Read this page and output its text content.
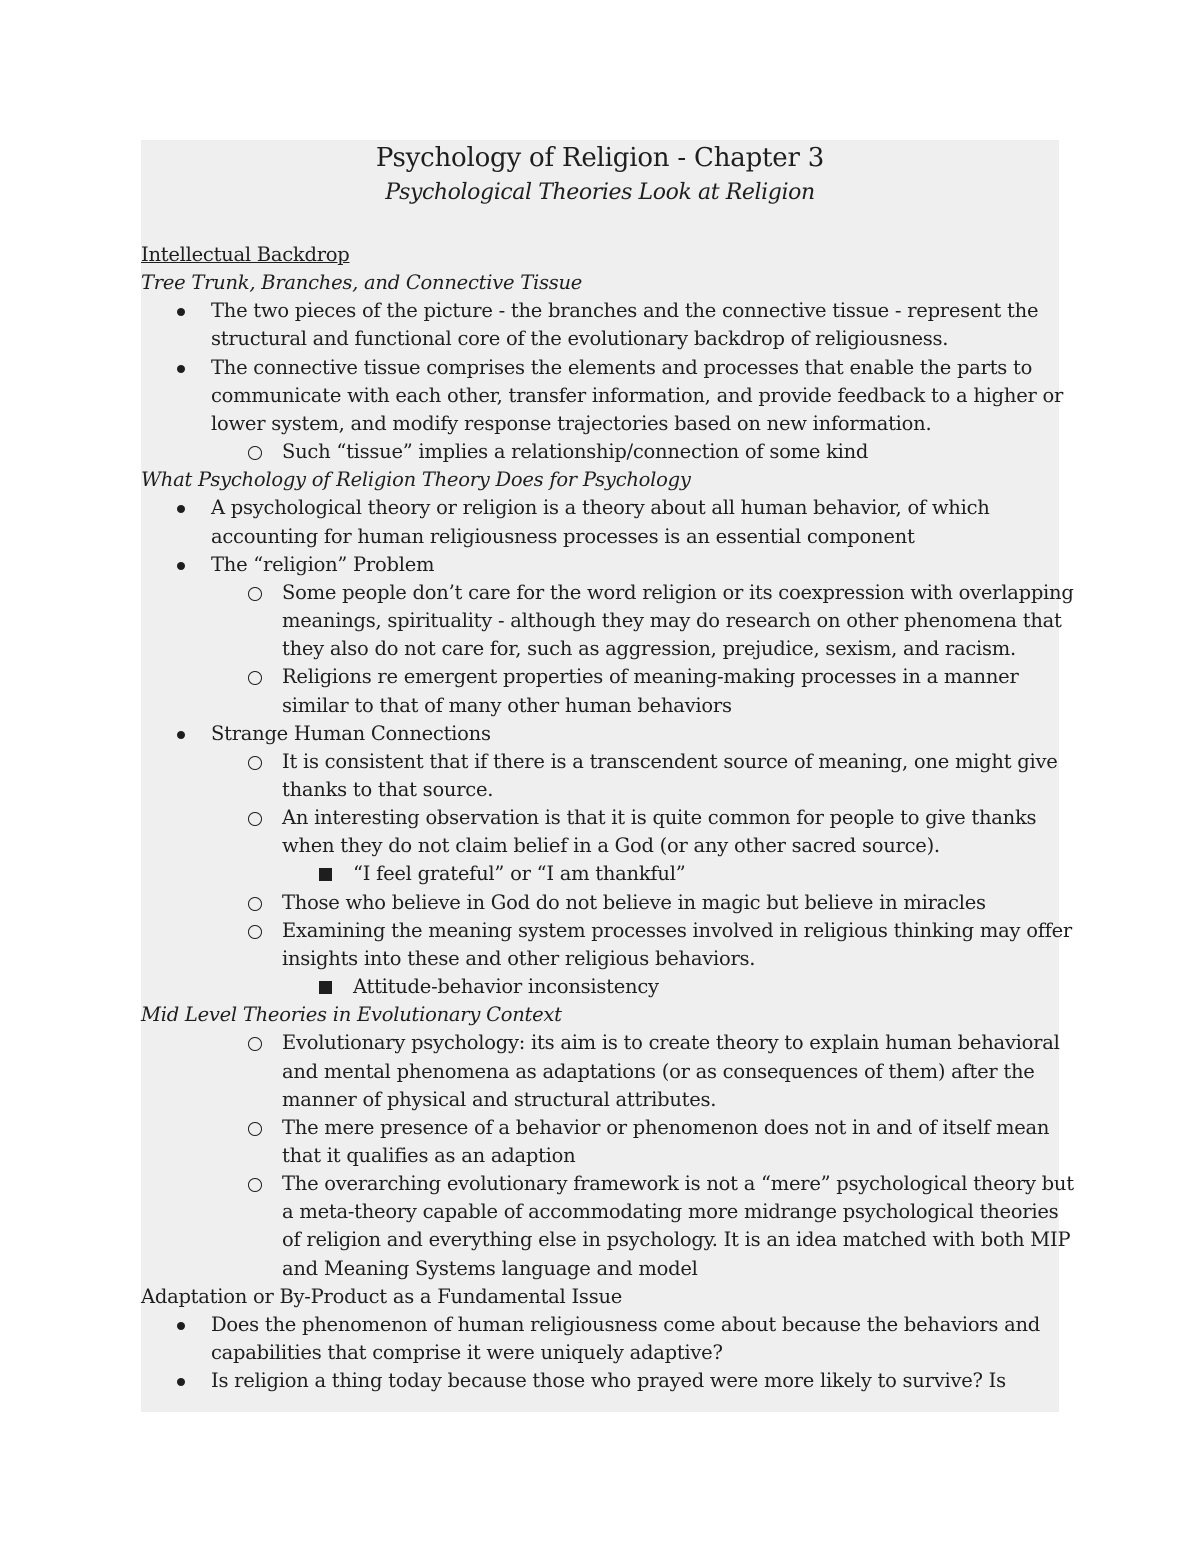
Psychology of Religion - Chapter 3
Psychological Theories Look at Religion
Intellectual Backdrop
Tree Trunk, Branches, and Connective Tissue
The two pieces of the picture - the branches and the connective tissue - represent the
structural and functional core of the evolutionary backdrop of religiousness.
The connective tissue comprises the elements and processes that enable the parts to
communicate with each other, transfer information, and provide feedback to a higher or
lower system, and modify response trajectories based on new information.
Such “tissue” implies a relationship/connection of some kind
What Psychology of Religion Theory Does for Psychology
A psychological theory or religion is a theory about all human behavior, of which
accounting for human religiousness processes is an essential component
The “religion” Problem
Some people don’t care for the word religion or its coexpression with overlapping
meanings, spirituality - although they may do research on other phenomena that
they also do not care for, such as aggression, prejudice, sexism, and racism.
Religions re emergent properties of meaning-making processes in a manner
similar to that of many other human behaviors
Strange Human Connections
It is consistent that if there is a transcendent source of meaning, one might give
thanks to that source.
An interesting observation is that it is quite common for people to give thanks
when they do not claim belief in a God (or any other sacred source).
“I feel grateful” or “I am thankful”
Those who believe in God do not believe in magic but believe in miracles
Examining the meaning system processes involved in religious thinking may offer
insights into these and other religious behaviors.
Attitude-behavior inconsistency
Mid Level Theories in Evolutionary Context
Evolutionary psychology: its aim is to create theory to explain human behavioral
and mental phenomena as adaptations (or as consequences of them) after the
manner of physical and structural attributes.
The mere presence of a behavior or phenomenon does not in and of itself mean
that it qualifies as an adaption
The overarching evolutionary framework is not a “mere” psychological theory but
a meta-theory capable of accommodating more midrange psychological theories
of religion and everything else in psychology. It is an idea matched with both MIP
and Meaning Systems language and model
Adaptation or By-Product as a Fundamental Issue
Does the phenomenon of human religiousness come about because the behaviors and
capabilities that comprise it were uniquely adaptive?
Is religion a thing today because those who prayed were more likely to survive? Is
